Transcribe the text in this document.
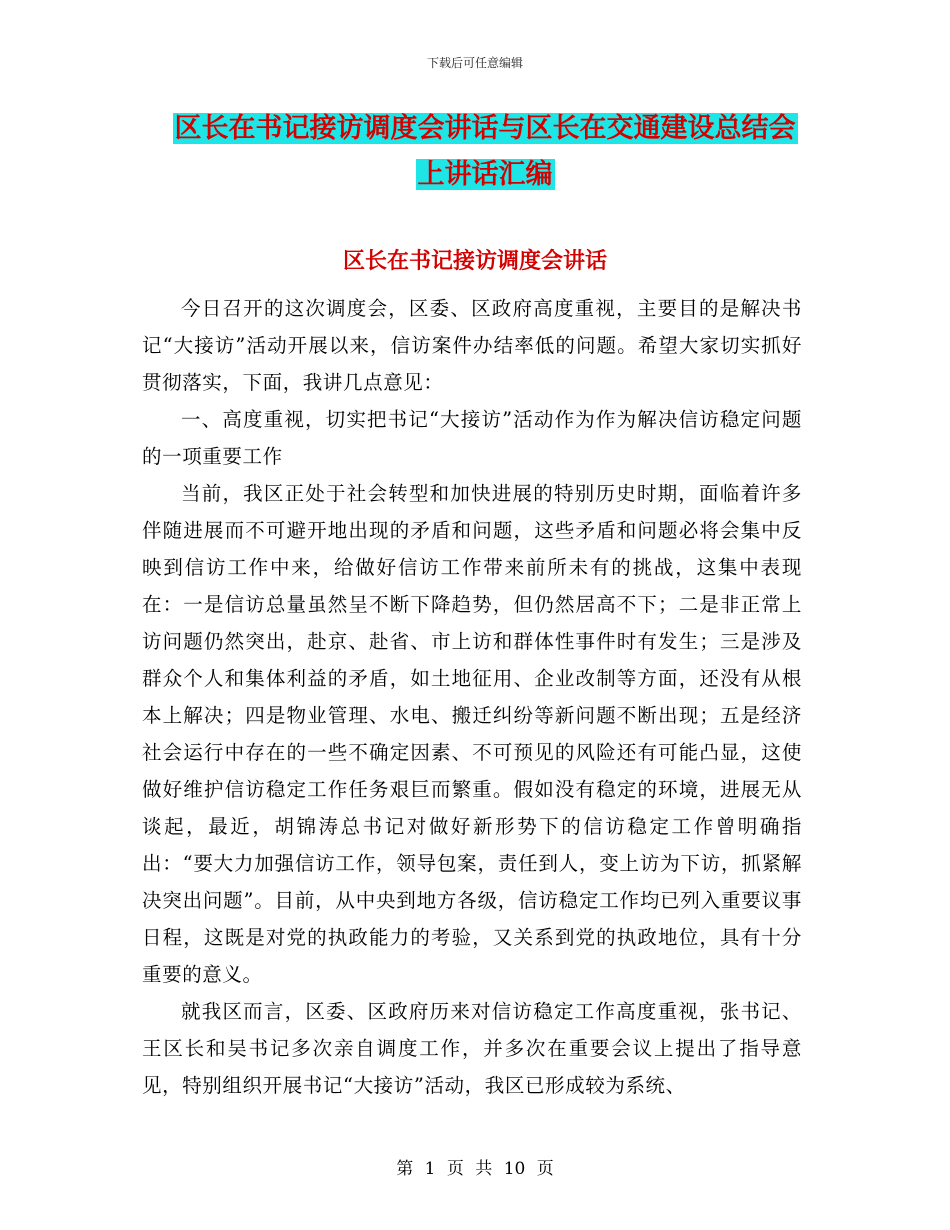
下载后可任意编辑
区长在书记接访调度会讲话与区长在交通建设总结会
上讲话汇编
区长在书记接访调度会讲话

今日召开的这次调度会，区委、区政府高度重视，主要目的是解决书记“大接访”活动开展以来，信访案件办结率低的问题。希望大家切实抓好贯彻落实，下面，我讲几点意见：

一、高度重视，切实把书记“大接访”活动作为作为解决信访稳定问题的一项重要工作

当前，我区正处于社会转型和加快进展的特别历史时期，面临着许多伴随进展而不可避开地出现的矛盾和问题，这些矛盾和问题必将会集中反映到信访工作中来，给做好信访工作带来前所未有的挑战，这集中表现在：一是信访总量虽然呈不断下降趋势，但仍然居高不下；二是非正常上访问题仍然突出，赴京、赴省、市上访和群体性事件时有发生；三是涉及群众个人和集体利益的矛盾，如土地征用、企业改制等方面，还没有从根本上解决；四是物业管理、水电、搬迁纠纷等新问题不断出现；五是经济社会运行中存在的一些不确定因素、不可预见的风险还有可能凸显，这使做好维护信访稳定工作任务艰巨而繁重。假如没有稳定的环境，进展无从谈起，最近，胡锦涛总书记对做好新形势下的信访稳定工作曾明确指出：“要大力加强信访工作，领导包案，责任到人，变上访为下访，抓紧解决突出问题”。目前，从中央到地方各级，信访稳定工作均已列入重要议事日程，这既是对党的执政能力的考验，又关系到党的执政地位，具有十分重要的意义。

就我区而言，区委、区政府历来对信访稳定工作高度重视，张书记、王区长和吴书记多次亲自调度工作，并多次在重要会议上提出了指导意见，特别组织开展书记“大接访”活动，我区已形成较为系统、

第 1 页 共 10 页
